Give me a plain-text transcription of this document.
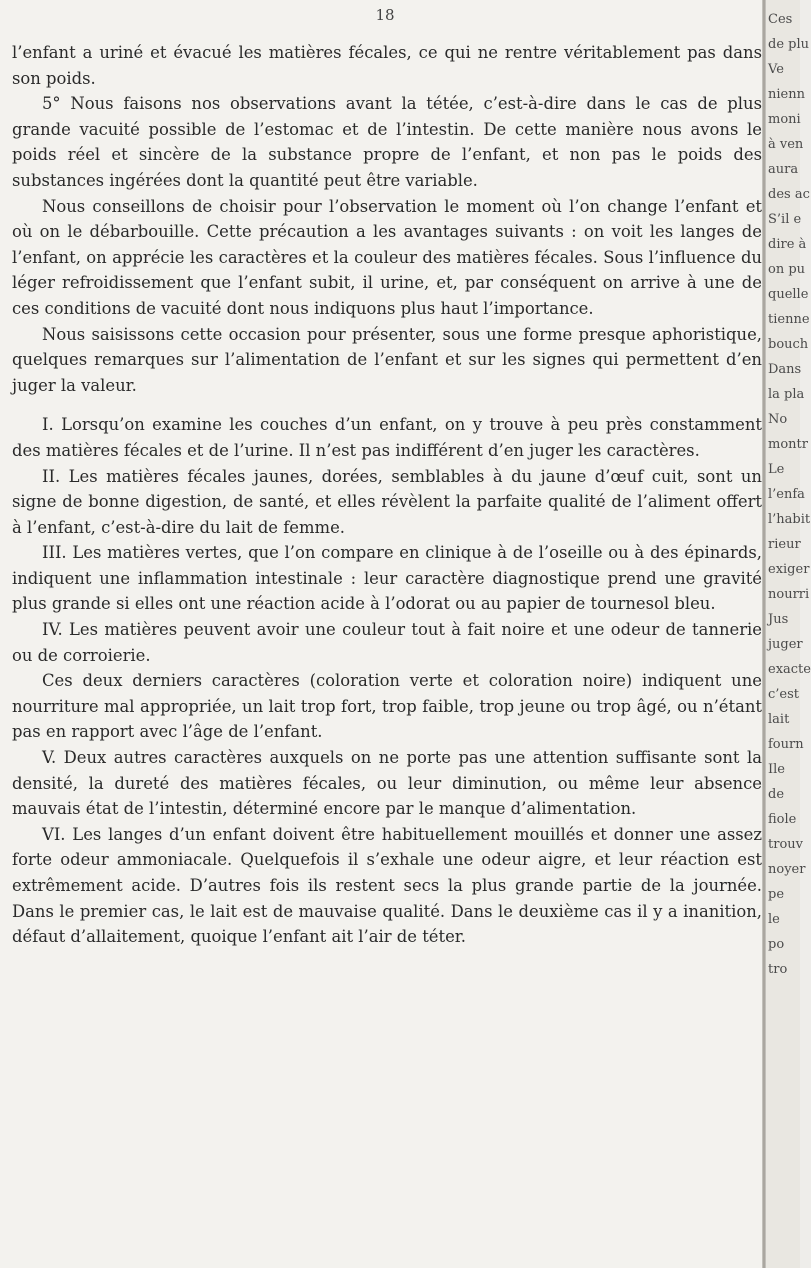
18

l’enfant a uriné et évacué les matières fécales, ce qui ne rentre véritablement pas dans son poids.

5° Nous faisons nos observations avant la tétée, c’est-à-dire dans le cas de plus grande vacuité possible de l’estomac et de l’intestin. De cette manière nous avons le poids réel et sincère de la substance propre de l’enfant, et non pas le poids des substances ingérées dont la quantité peut être variable.

Nous conseillons de choisir pour l’observation le moment où l’on change l’enfant et où on le débarbouille. Cette précaution a les avantages suivants : on voit les langes de l’enfant, on apprécie les caractères et la couleur des matières fécales. Sous l’influence du léger refroidissement que l’enfant subit, il urine, et, par conséquent on arrive à une de ces conditions de vacuité dont nous indiquons plus haut l’importance.

Nous saisissons cette occasion pour présenter, sous une forme presque aphoristique, quelques remarques sur l’alimentation de l’enfant et sur les signes qui permettent d’en juger la valeur.

I. Lorsqu’on examine les couches d’un enfant, on y trouve à peu près constamment des matières fécales et de l’urine. Il n’est pas indifférent d’en juger les caractères.

II. Les matières fécales jaunes, dorées, semblables à du jaune d’œuf cuit, sont un signe de bonne digestion, de santé, et elles révèlent la parfaite qualité de l’aliment offert à l’enfant, c’est-à-dire du lait de femme.

III. Les matières vertes, que l’on compare en clinique à de l’oseille ou à des épinards, indiquent une inflammation intestinale : leur caractère diagnostique prend une gravité plus grande si elles ont une réaction acide à l’odorat ou au papier de tournesol bleu.

IV. Les matières peuvent avoir une couleur tout à fait noire et une odeur de tannerie ou de corroierie.

Ces deux derniers caractères (coloration verte et coloration noire) indiquent une nourriture mal appropriée, un lait trop fort, trop faible, trop jeune ou trop âgé, ou n’étant pas en rapport avec l’âge de l’enfant.

V. Deux autres caractères auxquels on ne porte pas une attention suffisante sont la densité, la dureté des matières fécales, ou leur diminution, ou même leur absence mauvais état de l’intestin, déterminé encore par le manque d’alimentation.

VI. Les langes d’un enfant doivent être habituellement mouillés et donner une assez forte odeur ammoniacale. Quelquefois il s’exhale une odeur aigre, et leur réaction est extrêmement acide. D’autres fois ils restent secs la plus grande partie de la journée. Dans le premier cas, le lait est de mauvaise qualité. Dans le deuxième cas il y a inanition, défaut d’allaitement, quoique l’enfant ait l’air de téter.

Ces
de plu
Ve
nienn
moni
à ven
aura
des ac
S’il e
dire à
on pu
quelle
tienne
bouch
Dans
la pla
No
montr
Le
l’enfa
l’habit
rieur
exiger
nourri
Jus
juger
exacte
c’est
lait
fourn
Ile
de
fiole
trouv
noyer
pe
le
po
tro
